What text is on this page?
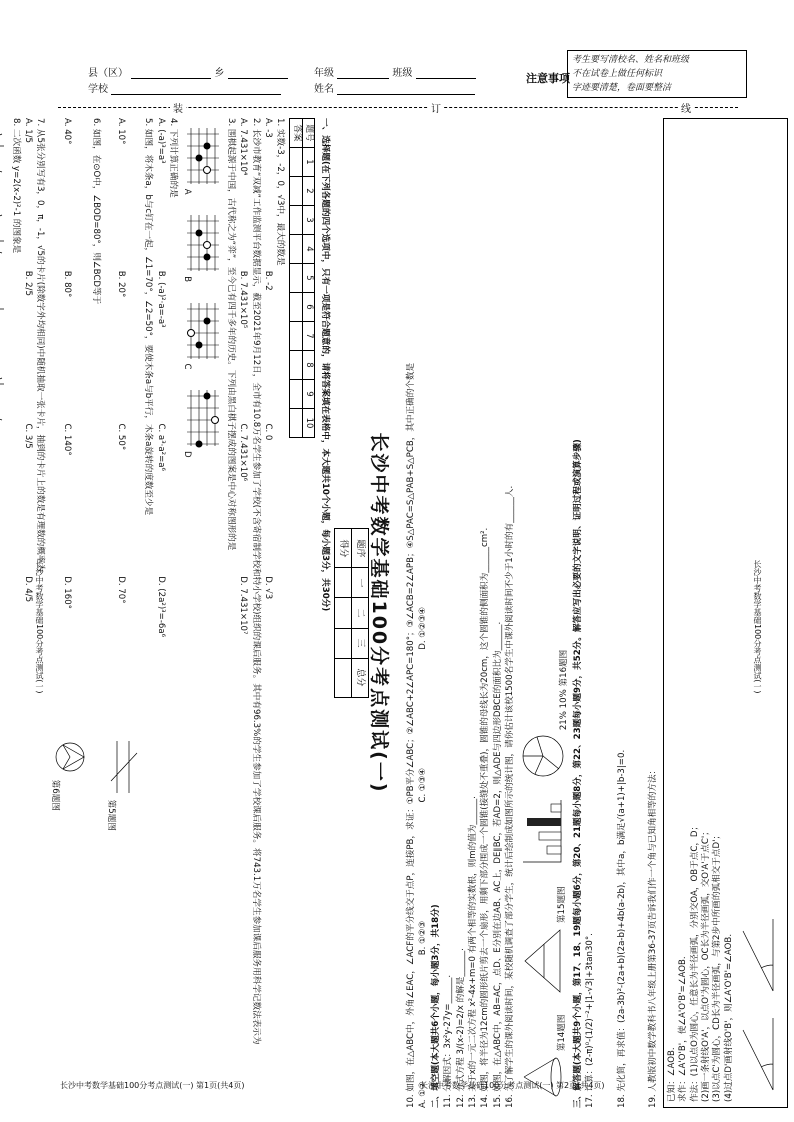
县（区）	乡
学校
年级	班级
姓名
注意事项
考生要写清校名、姓名和班级
不在试卷上做任何标识
字迹要清楚，卷面要整洁
装	订	线
长沙中考数学基础100分考点测试(一)
题序	一	二	三	总分
得分				
一、选择题(在下列各题的四个选项中，只有一项是符合题意的，请将答案填在表格中，本大题共10个小题，每小题3分，共30分)
题号	1	2	3	4	5	6	7	8	9	10
答案										
1. 实数-3，-2，0，√3中，最大的数是
A. -3 B. -2 C. 0 D. √3
2. 长沙市教育“双减”工作监测平台数据显示，截至2021年9月12日，全市有10.8万名学生参加了学校(不含寄宿制学校和特小学校)组织的课后服务。其中有96.3%的学生参加了学校课后服务。将743.1万名学生参加课后服务用科学记数法表示为
A. 7.431×10⁴ B. 7.431×10⁵ C. 7.431×10⁶ D. 7.431×10⁷
3. 围棋起源于中国，古代称之为“弈”，至今已有四千多年的历史。下列由黑白棋子摆成的图案是中心对称图形的是
A  B  C  D
4. 下列计算正确的是
A. (-a)³=a³ B. (-a)²·a=-a³ C. a³·a²=a⁶ D. (2a²)³=-6a⁶
5. 如图，将木条a，b与c钉在一起，∠1=70°，∠2=50°，要使木条a与b平行，木条a旋转的度数至少是
A. 10° B. 20° C. 50° D. 70°  第5题图
6. 如图，在⊙O中，∠BOD=80°，则∠BCD等于
A. 40° B. 80° C. 140° D. 160°  第6题图
7. 从5张分别写有3，0，π，-1，√5的卡片(除数字外均相同)中随机抽取一张卡片，抽到的卡片上的数是有理数的概率为
A. 1/5 B. 2/5 C. 3/5 D. 4/5
8. 二次函数 y=2(x-2)²-1 的图象是

10. 如图，在△ABC中，外角∠EAC，∠ACF的平分线交于点P，连接PB，求证：①PB平分∠ABC；②∠ABC+2∠APC=180°；③∠ACB=2∠APB；④S△PAC=S△PAB+S△PCB，其中正确的个数是 A. ①② B. ①②③ C. ①③④ D. ①②③④
二、填空题(本大题共6个小题，每小题3分，共18分) 11. 分解因式：3x²y-27y=______. 12. 分式方程 3/(x-2)=2/x 的解是______. 13. 关于x的一元二次方程 x²-4x+m=0 有两个相等的实数根，则m的值为______. 14. 如图，将半径为12cm的圆形纸片剪去一个扇形，用剩下部分围成一个圆锥(接缝处不重叠)，圆锥的母线长为20cm，这个圆锥的侧面积为______cm². 15. 如图，在△ABC中，AB=AC，点D、E分别在边AB、AC上，DE∥BC，若AD=2，则△ADE与四边形DBCE的面积比为______. 16. 为了解学生的课外阅读时间，某校随机调查了部分学生，统计后绘制成如图所示的统计图，请你估计该校1500名学生中课外阅读时间不少于1小时的有______人.	第14题图  第15题图   21% 10% 第16题图 三、解答题(本大题共9个小题，第17、18、19题每小题6分，第20、21题每小题8分，第22、23题每小题9分，共52分。解答应写出必要的文字说明、证明过程或演算步骤) 17. 计算：(2-π)⁰-(1/2)⁻²+|1-√3|+3tan30°. 18. 先化简，再求值：(2a-3b)²-(2a+b)(2a-b)+4b(a-2b)，其中a，b满足√(a+1)+|b-3|=0. 19. 人教版初中数学教科书八年级上册第36-37页告诉我们作一个角与已知角相等的方法： 已知：∠AOB. 求作：∠A'O'B'，使∠A'O'B'=∠AOB. 作法：(1)以点O为圆心，任意长为半径画弧，分别交OA，OB于点C，D； (2)画一条射线O'A'，以点O'为圆心，OC长为半径画弧，交O'A'于点C'； (3)以点C'为圆心，CD长为半径画弧，与第2步中所画的弧相交于点D'； (4)过点D'画射线O'B'，则∠A'O'B'=∠AOB.

长沙中考数学基础100分考点测试(一)
长沙中考数学基础100分考点测试(一) 第1页(共4页)	长沙中考数学基础100分考点测试(一) 第2页(共4页)
长沙中考数学基础100分考点测试(一)
